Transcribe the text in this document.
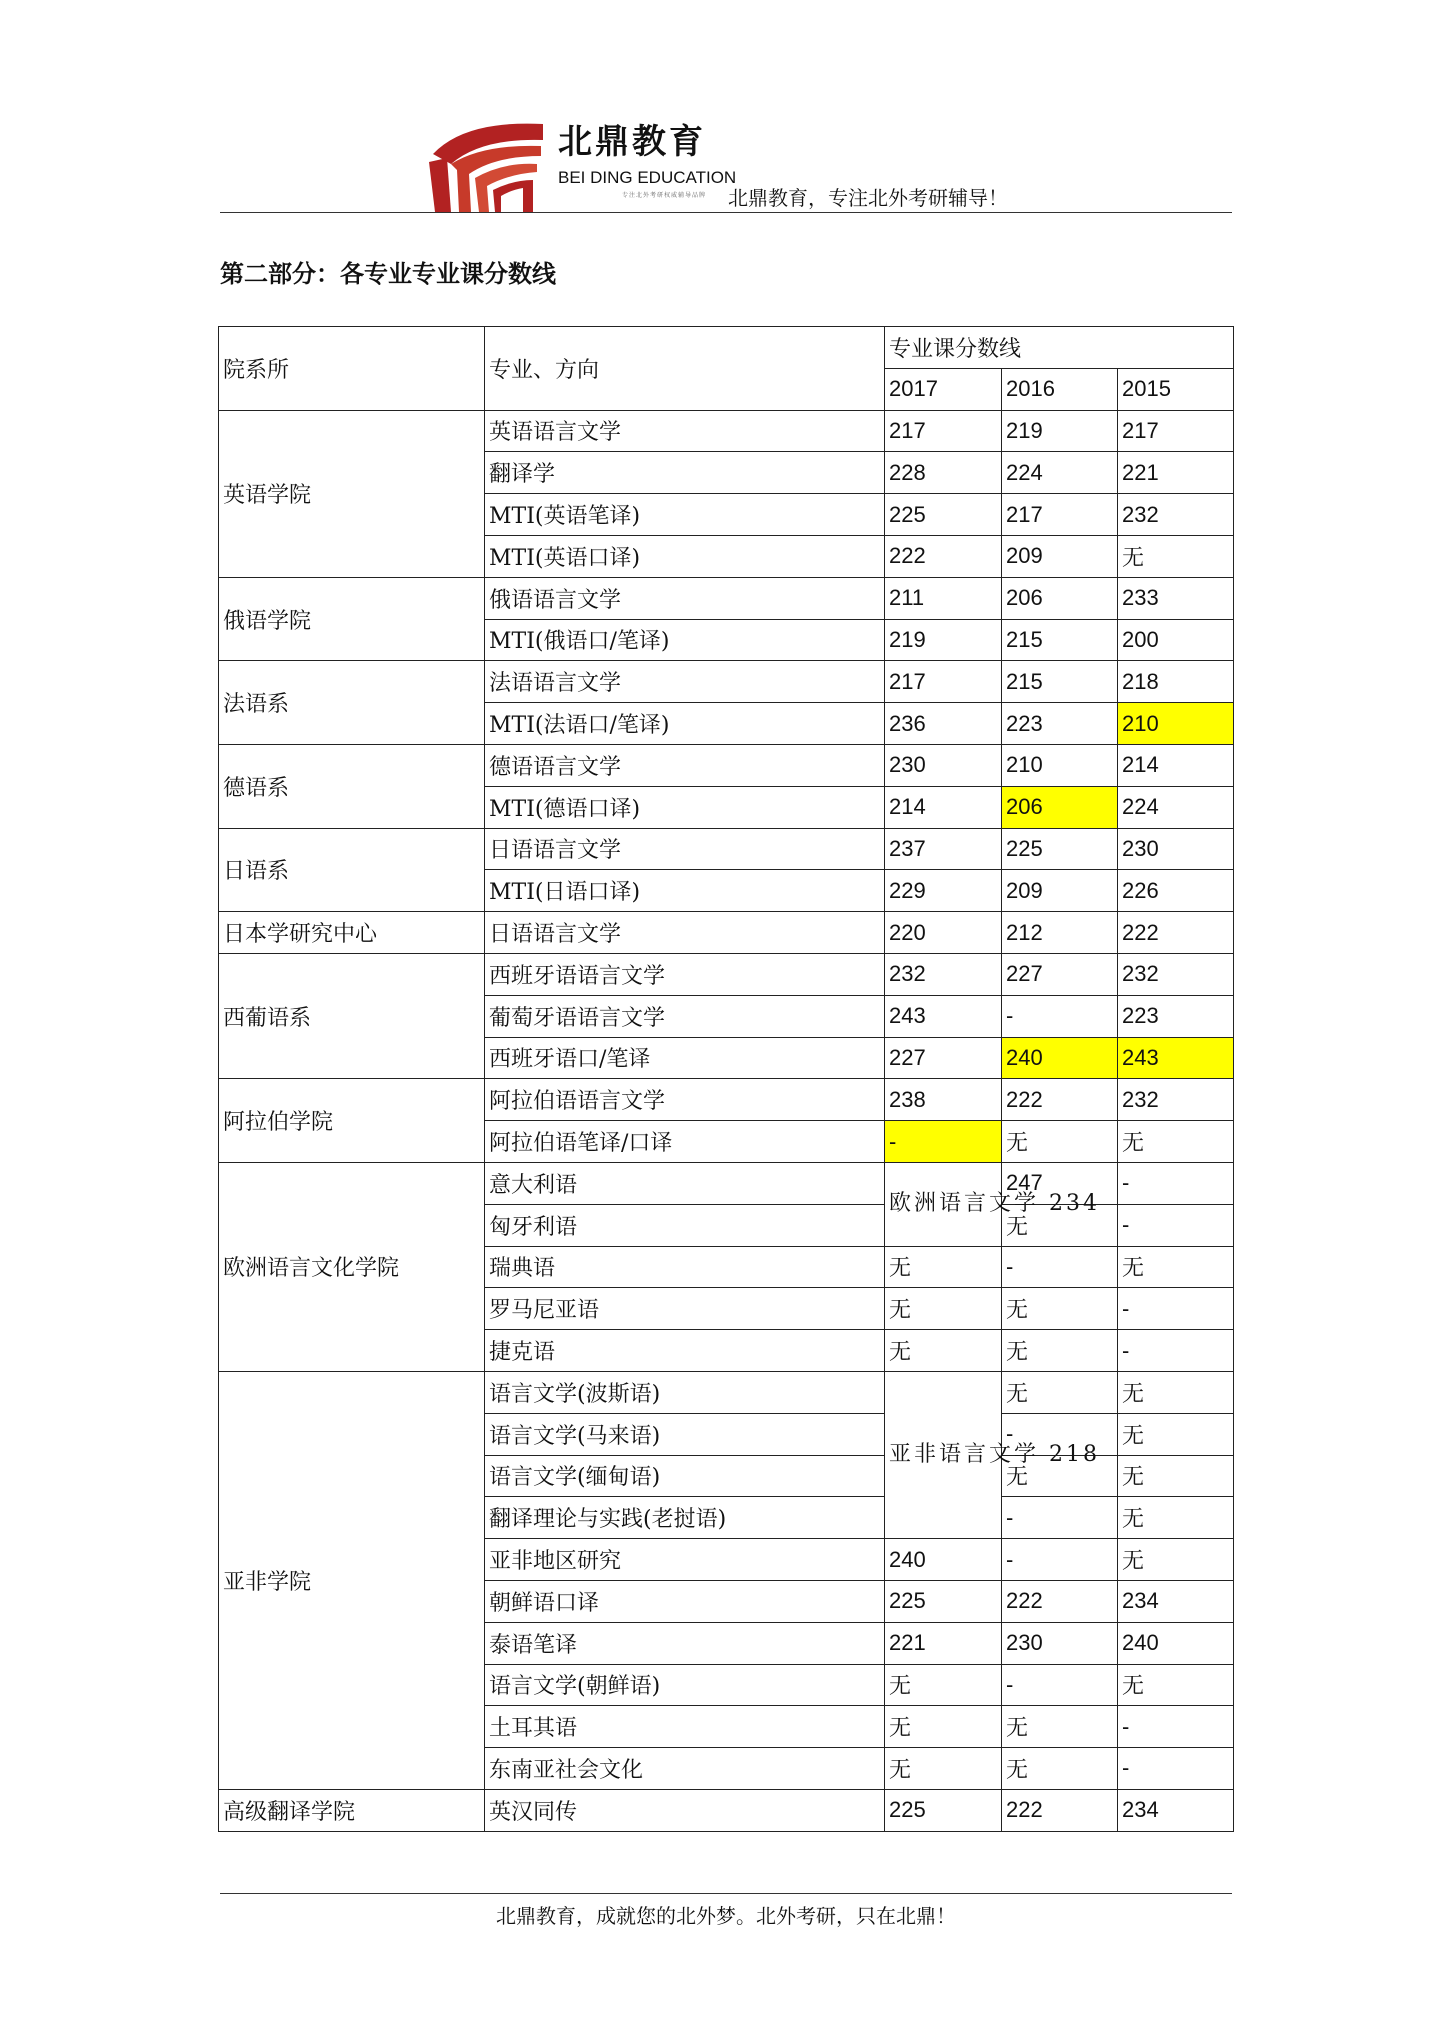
北鼎教育
BEI DING EDUCATION
专注北外考研权威辅导品牌 北鼎教育，专注北外考研辅导！
第二部分：各专业专业课分数线
院系所	专业、方向	专业课分数线		
		2017	2016	2015
英语学院	英语语言文学	217	219	217
	翻译学	228	224	221
	MTI(英语笔译)	225	217	232
	MTI(英语口译)	222	209	无
俄语学院	俄语语言文学	211	206	233
	MTI(俄语口/笔译)	219	215	200
法语系	法语语言文学	217	215	218
	MTI(法语口/笔译)	236	223	210
德语系	德语语言文学	230	210	214
	MTI(德语口译)	214	206	224
日语系	日语语言文学	237	225	230
	MTI(日语口译)	229	209	226
日本学研究中心	日语语言文学	220	212	222
西葡语系	西班牙语语言文学	232	227	232
	葡萄牙语语言文学	243	-	223
	西班牙语口/笔译	227	240	243
阿拉伯学院	阿拉伯语语言文学	238	222	232
	阿拉伯语笔译/口译	-	无	无
欧洲语言文化学院	意大利语	欧洲语言文学 234	247	-
	匈牙利语		无	-
	瑞典语	无	-	无
	罗马尼亚语	无	无	-
	捷克语	无	无	-
亚非学院	语言文学(波斯语)	亚非语言文学 218	无	无
	语言文学(马来语)		-	无
	语言文学(缅甸语)		无	无
	翻译理论与实践(老挝语)		-	无
	亚非地区研究	240	-	无
	朝鲜语口译	225	222	234
	泰语笔译	221	230	240
	语言文学(朝鲜语)	无	-	无
	土耳其语	无	无	-
	东南亚社会文化	无	无	-
高级翻译学院	英汉同传	225	222	234
北鼎教育，成就您的北外梦。北外考研，只在北鼎！
